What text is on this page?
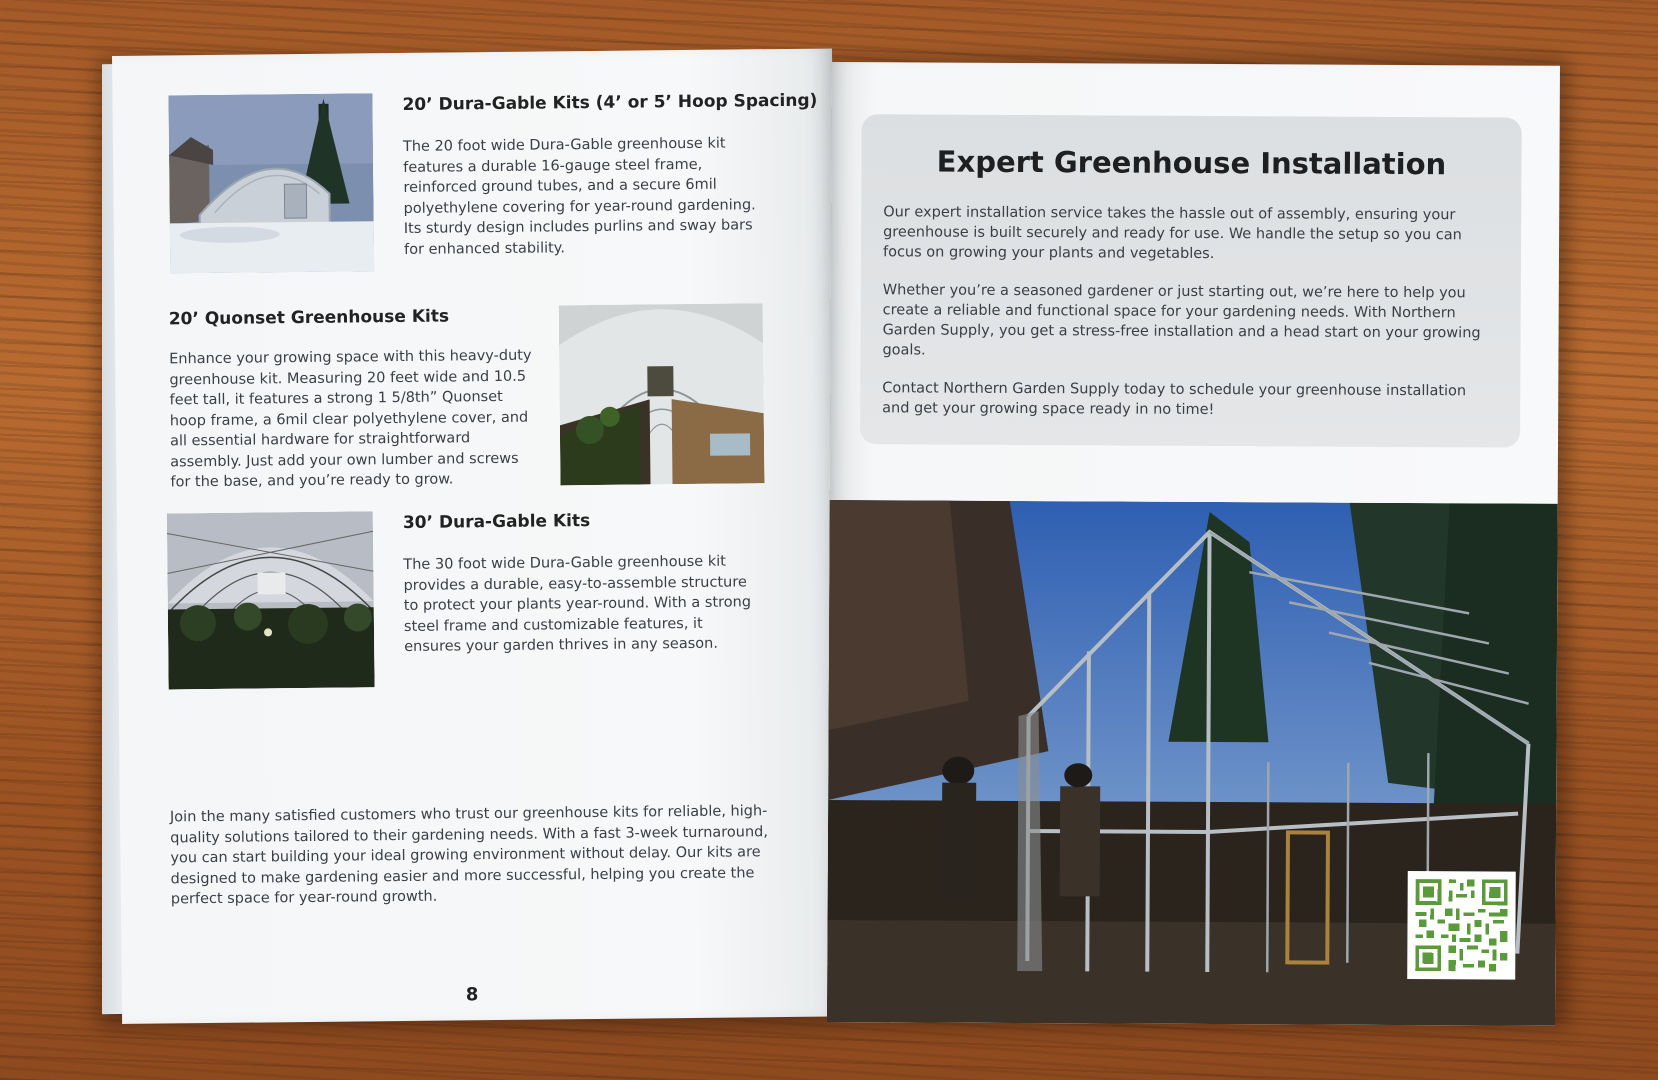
20’ Dura-Gable Kits (4’ or 5’ Hoop Spacing)

The 20 foot wide Dura-Gable greenhouse kit features a durable 16-gauge steel frame, reinforced ground tubes, and a secure 6mil polyethylene covering for year-round gardening. Its sturdy design includes purlins and sway bars for enhanced stability.

20’ Quonset Greenhouse Kits

Enhance your growing space with this heavy-duty greenhouse kit. Measuring 20 feet wide and 10.5 feet tall, it features a strong 1 5/8th” Quonset hoop frame, a 6mil clear polyethylene cover, and all essential hardware for straightforward assembly. Just add your own lumber and screws for the base, and you’re ready to grow.

30’ Dura-Gable Kits

The 30 foot wide Dura-Gable greenhouse kit provides a durable, easy-to-assemble structure to protect your plants year-round. With a strong steel frame and customizable features, it ensures your garden thrives in any season.

Join the many satisfied customers who trust our greenhouse kits for reliable, high-quality solutions tailored to their gardening needs. With a fast 3-week turnaround, you can start building your ideal growing environment without delay. Our kits are designed to make gardening easier and more successful, helping you create the perfect space for year-round growth.

8
Expert Greenhouse Installation

Our expert installation service takes the hassle out of assembly, ensuring your greenhouse is built securely and ready for use. We handle the setup so you can focus on growing your plants and vegetables.

Whether you’re a seasoned gardener or just starting out, we’re here to help you create a reliable and functional space for your gardening needs. With Northern Garden Supply, you get a stress-free installation and a head start on your growing goals.

Contact Northern Garden Supply today to schedule your greenhouse installation and get your growing space ready in no time!
